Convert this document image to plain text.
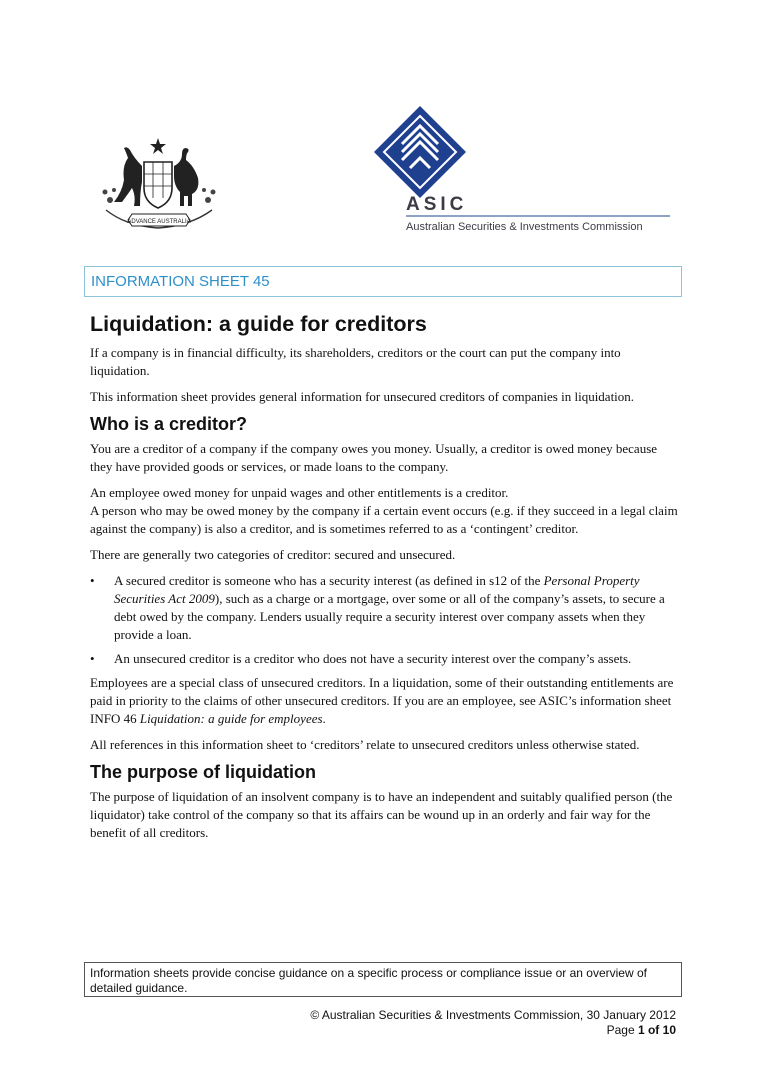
ADVANCE AUSTRALIA
ASIC
Australian Securities & Investments Commission
INFORMATION SHEET 45
Liquidation: a guide for creditors

If a company is in financial difficulty, its shareholders, creditors or the court can put the company into liquidation.

This information sheet provides general information for unsecured creditors of companies in liquidation.

Who is a creditor?

You are a creditor of a company if the company owes you money. Usually, a creditor is owed money because they have provided goods or services, or made loans to the company.

An employee owed money for unpaid wages and other entitlements is a creditor.
A person who may be owed money by the company if a certain event occurs (e.g. if they succeed in a legal claim against the company) is also a creditor, and is sometimes referred to as a ‘contingent’ creditor.

There are generally two categories of creditor: secured and unsecured.

•	A secured creditor is someone who has a security interest (as defined in s12 of the Personal Property Securities Act 2009), such as a charge or a mortgage, over some or all of the company’s assets, to secure a debt owed by the company. Lenders usually require a security interest over company assets when they provide a loan.
•	An unsecured creditor is a creditor who does not have a security interest over the company’s assets.

Employees are a special class of unsecured creditors. In a liquidation, some of their outstanding entitlements are paid in priority to the claims of other unsecured creditors. If you are an employee, see ASIC’s information sheet INFO 46 Liquidation: a guide for employees.

All references in this information sheet to ‘creditors’ relate to unsecured creditors unless otherwise stated.

The purpose of liquidation

The purpose of liquidation of an insolvent company is to have an independent and suitably qualified person (the liquidator) take control of the company so that its affairs can be wound up in an orderly and fair way for the benefit of all creditors.

Information sheets provide concise guidance on a specific process or compliance issue or an overview of detailed guidance.
© Australian Securities & Investments Commission, 30 January 2012
Page 1 of 10
